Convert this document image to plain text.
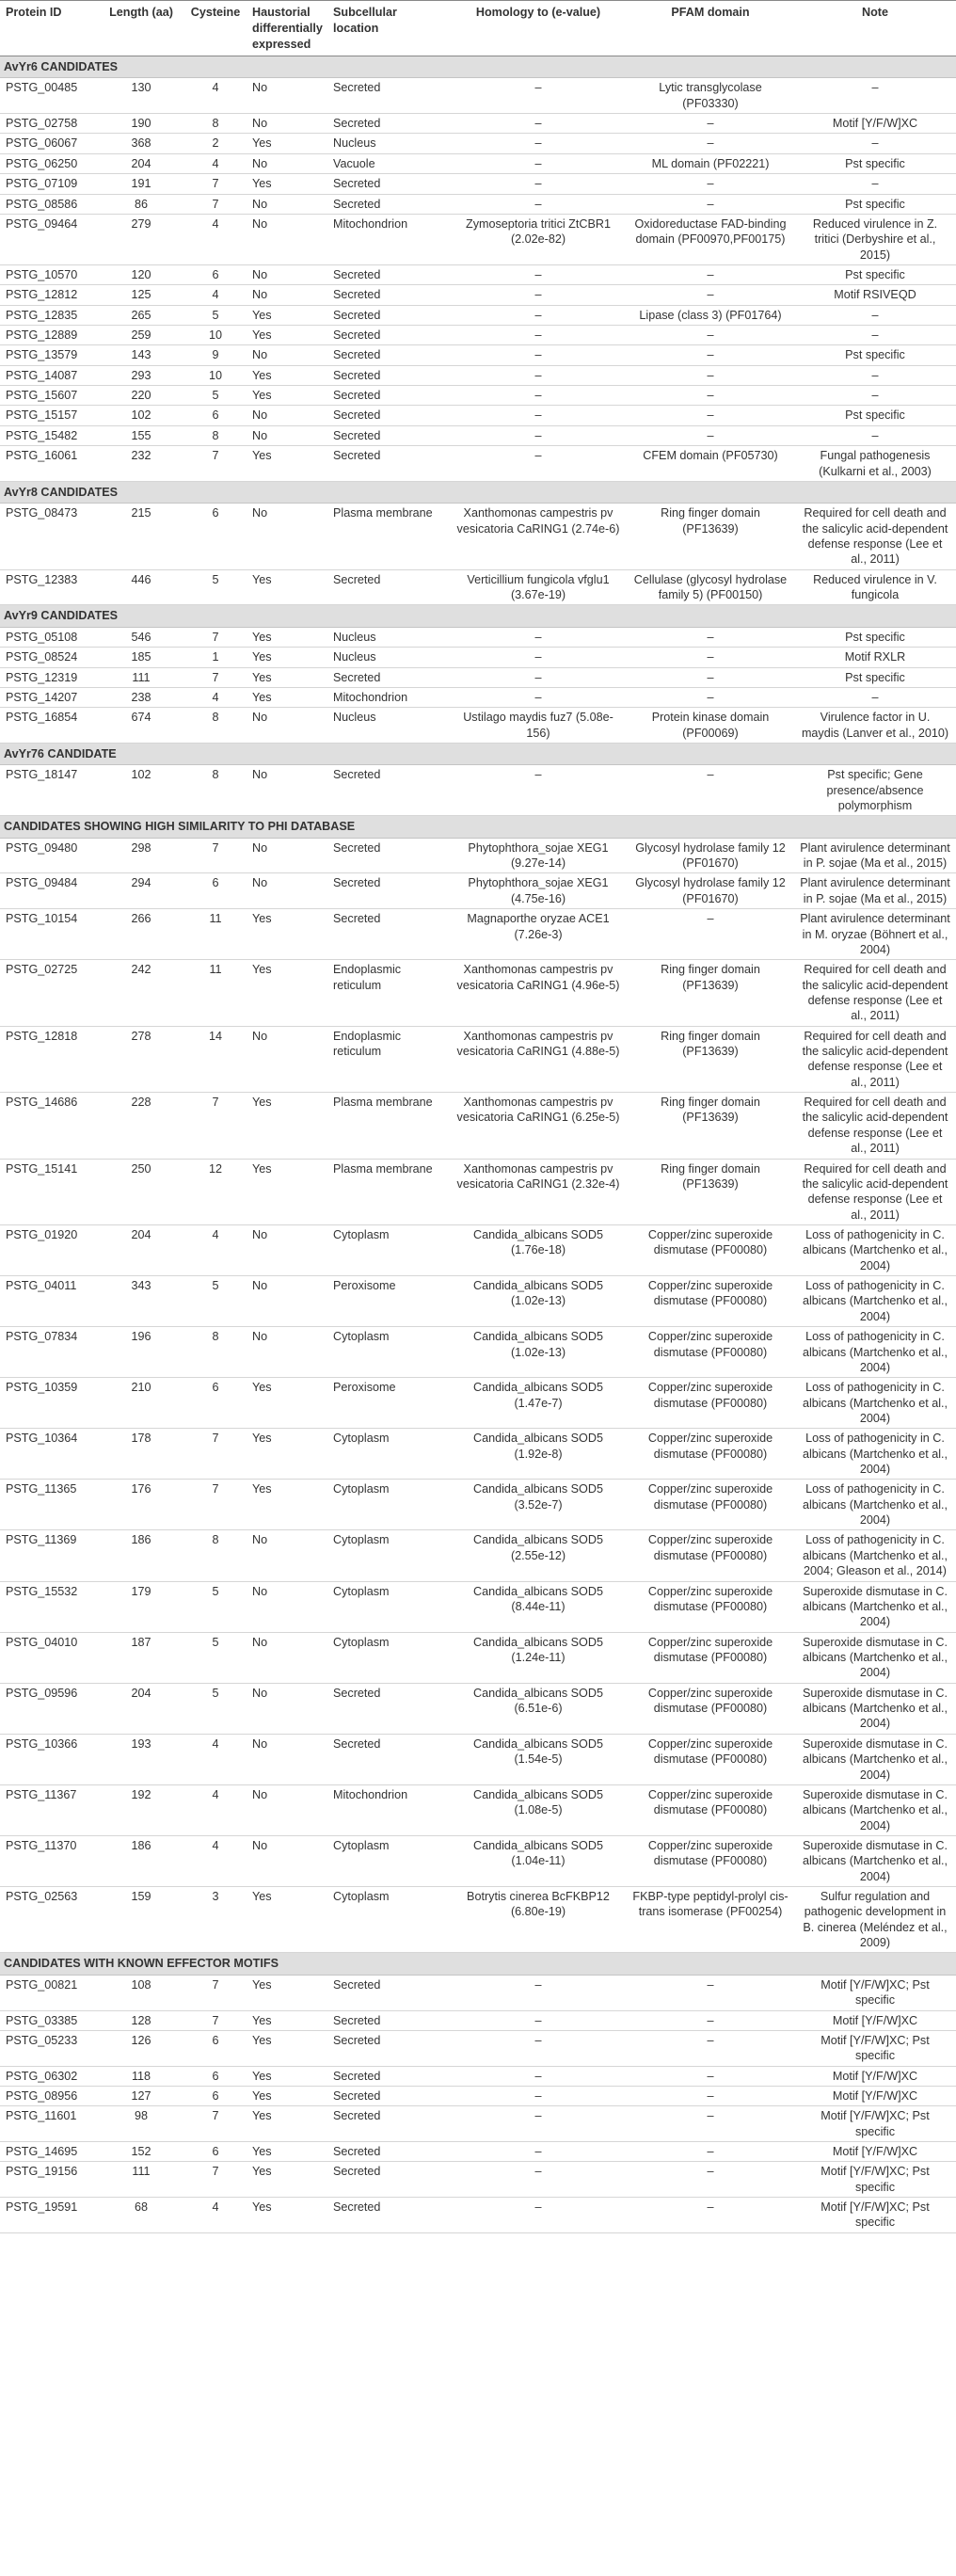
Protein ID	Length (aa)	Cysteine	Haustorial differentially expressed	Subcellular location	Homology to (e-value)	PFAM domain	Note
AvYr6 CANDIDATES							
PSTG_00485	130	4	No	Secreted	–	Lytic transglycolase (PF03330)	–
PSTG_02758	190	8	No	Secreted	–	–	Motif [Y/F/W]XC
PSTG_06067	368	2	Yes	Nucleus	–	–	–
PSTG_06250	204	4	No	Vacuole	–	ML domain (PF02221)	Pst specific
PSTG_07109	191	7	Yes	Secreted	–	–	–
PSTG_08586	86	7	No	Secreted	–	–	Pst specific
PSTG_09464	279	4	No	Mitochondrion	Zymoseptoria tritici ZtCBR1 (2.02e-82)	Oxidoreductase FAD-binding domain (PF00970,PF00175)	Reduced virulence in Z. tritici (Derbyshire et al., 2015)
PSTG_10570	120	6	No	Secreted	–	–	Pst specific
PSTG_12812	125	4	No	Secreted	–	–	Motif RSIVEQD
PSTG_12835	265	5	Yes	Secreted	–	Lipase (class 3) (PF01764)	–
PSTG_12889	259	10	Yes	Secreted	–	–	–
PSTG_13579	143	9	No	Secreted	–	–	Pst specific
PSTG_14087	293	10	Yes	Secreted	–	–	–
PSTG_15607	220	5	Yes	Secreted	–	–	–
PSTG_15157	102	6	No	Secreted	–	–	Pst specific
PSTG_15482	155	8	No	Secreted	–	–	–
PSTG_16061	232	7	Yes	Secreted	–	CFEM domain (PF05730)	Fungal pathogenesis (Kulkarni et al., 2003)
AvYr8 CANDIDATES							
PSTG_08473	215	6	No	Plasma membrane	Xanthomonas campestris pv vesicatoria CaRING1 (2.74e-6)	Ring finger domain (PF13639)	Required for cell death and the salicylic acid-dependent defense response (Lee et al., 2011)
PSTG_12383	446	5	Yes	Secreted	Verticillium fungicola vfglu1 (3.67e-19)	Cellulase (glycosyl hydrolase family 5) (PF00150)	Reduced virulence in V. fungicola
AvYr9 CANDIDATES							
PSTG_05108	546	7	Yes	Nucleus	–	–	Pst specific
PSTG_08524	185	1	Yes	Nucleus	–	–	Motif RXLR
PSTG_12319	111	7	Yes	Secreted	–	–	Pst specific
PSTG_14207	238	4	Yes	Mitochondrion	–	–	–
PSTG_16854	674	8	No	Nucleus	Ustilago maydis fuz7 (5.08e-156)	Protein kinase domain (PF00069)	Virulence factor in U. maydis (Lanver et al., 2010)
AvYr76 CANDIDATE							
PSTG_18147	102	8	No	Secreted	–	–	Pst specific; Gene presence/absence polymorphism
CANDIDATES SHOWING HIGH SIMILARITY TO PHI DATABASE							
PSTG_09480	298	7	No	Secreted	Phytophthora_sojae XEG1 (9.27e-14)	Glycosyl hydrolase family 12 (PF01670)	Plant avirulence determinant in P. sojae (Ma et al., 2015)
PSTG_09484	294	6	No	Secreted	Phytophthora_sojae XEG1 (4.75e-16)	Glycosyl hydrolase family 12 (PF01670)	Plant avirulence determinant in P. sojae (Ma et al., 2015)
PSTG_10154	266	11	Yes	Secreted	Magnaporthe oryzae ACE1 (7.26e-3)	–	Plant avirulence determinant in M. oryzae (Böhnert et al., 2004)
PSTG_02725	242	11	Yes	Endoplasmic reticulum	Xanthomonas campestris pv vesicatoria CaRING1 (4.96e-5)	Ring finger domain (PF13639)	Required for cell death and the salicylic acid-dependent defense response (Lee et al., 2011)
PSTG_12818	278	14	No	Endoplasmic reticulum	Xanthomonas campestris pv vesicatoria CaRING1 (4.88e-5)	Ring finger domain (PF13639)	Required for cell death and the salicylic acid-dependent defense response (Lee et al., 2011)
PSTG_14686	228	7	Yes	Plasma membrane	Xanthomonas campestris pv vesicatoria CaRING1 (6.25e-5)	Ring finger domain (PF13639)	Required for cell death and the salicylic acid-dependent defense response (Lee et al., 2011)
PSTG_15141	250	12	Yes	Plasma membrane	Xanthomonas campestris pv vesicatoria CaRING1 (2.32e-4)	Ring finger domain (PF13639)	Required for cell death and the salicylic acid-dependent defense response (Lee et al., 2011)
PSTG_01920	204	4	No	Cytoplasm	Candida_albicans SOD5 (1.76e-18)	Copper/zinc superoxide dismutase (PF00080)	Loss of pathogenicity in C. albicans (Martchenko et al., 2004)
PSTG_04011	343	5	No	Peroxisome	Candida_albicans SOD5 (1.02e-13)	Copper/zinc superoxide dismutase (PF00080)	Loss of pathogenicity in C. albicans (Martchenko et al., 2004)
PSTG_07834	196	8	No	Cytoplasm	Candida_albicans SOD5 (1.02e-13)	Copper/zinc superoxide dismutase (PF00080)	Loss of pathogenicity in C. albicans (Martchenko et al., 2004)
PSTG_10359	210	6	Yes	Peroxisome	Candida_albicans SOD5 (1.47e-7)	Copper/zinc superoxide dismutase (PF00080)	Loss of pathogenicity in C. albicans (Martchenko et al., 2004)
PSTG_10364	178	7	Yes	Cytoplasm	Candida_albicans SOD5 (1.92e-8)	Copper/zinc superoxide dismutase (PF00080)	Loss of pathogenicity in C. albicans (Martchenko et al., 2004)
PSTG_11365	176	7	Yes	Cytoplasm	Candida_albicans SOD5 (3.52e-7)	Copper/zinc superoxide dismutase (PF00080)	Loss of pathogenicity in C. albicans (Martchenko et al., 2004)
PSTG_11369	186	8	No	Cytoplasm	Candida_albicans SOD5 (2.55e-12)	Copper/zinc superoxide dismutase (PF00080)	Loss of pathogenicity in C. albicans (Martchenko et al., 2004; Gleason et al., 2014)
PSTG_15532	179	5	No	Cytoplasm	Candida_albicans SOD5 (8.44e-11)	Copper/zinc superoxide dismutase (PF00080)	Superoxide dismutase in C. albicans (Martchenko et al., 2004)
PSTG_04010	187	5	No	Cytoplasm	Candida_albicans SOD5 (1.24e-11)	Copper/zinc superoxide dismutase (PF00080)	Superoxide dismutase in C. albicans (Martchenko et al., 2004)
PSTG_09596	204	5	No	Secreted	Candida_albicans SOD5 (6.51e-6)	Copper/zinc superoxide dismutase (PF00080)	Superoxide dismutase in C. albicans (Martchenko et al., 2004)
PSTG_10366	193	4	No	Secreted	Candida_albicans SOD5 (1.54e-5)	Copper/zinc superoxide dismutase (PF00080)	Superoxide dismutase in C. albicans (Martchenko et al., 2004)
PSTG_11367	192	4	No	Mitochondrion	Candida_albicans SOD5 (1.08e-5)	Copper/zinc superoxide dismutase (PF00080)	Superoxide dismutase in C. albicans (Martchenko et al., 2004)
PSTG_11370	186	4	No	Cytoplasm	Candida_albicans SOD5 (1.04e-11)	Copper/zinc superoxide dismutase (PF00080)	Superoxide dismutase in C. albicans (Martchenko et al., 2004)
PSTG_02563	159	3	Yes	Cytoplasm	Botrytis cinerea BcFKBP12 (6.80e-19)	FKBP-type peptidyl-prolyl cis-trans isomerase (PF00254)	Sulfur regulation and pathogenic development in B. cinerea (Meléndez et al., 2009)
CANDIDATES WITH KNOWN EFFECTOR MOTIFS							
PSTG_00821	108	7	Yes	Secreted	–	–	Motif [Y/F/W]XC; Pst specific
PSTG_03385	128	7	Yes	Secreted	–	–	Motif [Y/F/W]XC
PSTG_05233	126	6	Yes	Secreted	–	–	Motif [Y/F/W]XC; Pst specific
PSTG_06302	118	6	Yes	Secreted	–	–	Motif [Y/F/W]XC
PSTG_08956	127	6	Yes	Secreted	–	–	Motif [Y/F/W]XC
PSTG_11601	98	7	Yes	Secreted	–	–	Motif [Y/F/W]XC; Pst specific
PSTG_14695	152	6	Yes	Secreted	–	–	Motif [Y/F/W]XC
PSTG_19156	111	7	Yes	Secreted	–	–	Motif [Y/F/W]XC; Pst specific
PSTG_19591	68	4	Yes	Secreted	–	–	Motif [Y/F/W]XC; Pst specific
